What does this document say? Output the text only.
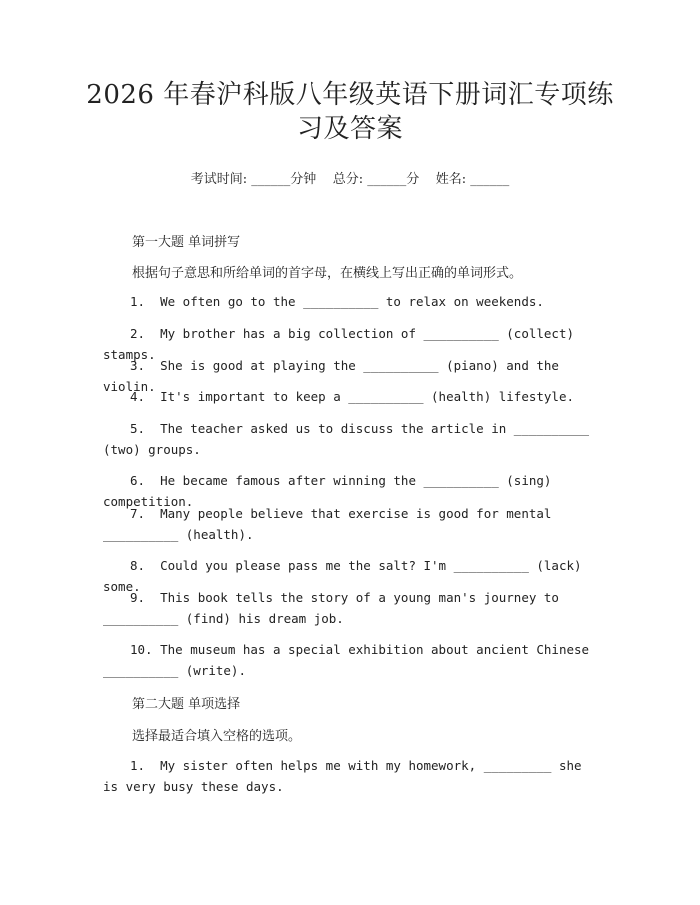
2026 年春沪科版八年级英语下册词汇专项练习及答案
考试时间: ______分钟    总分: ______分    姓名: ______
第一大题 单词拼写
根据句子意思和所给单词的首字母，在横线上写出正确的单词形式。
1.  We often go to the __________ to relax on weekends.
2.  My brother has a big collection of __________ (collect) stamps.
3.  She is good at playing the __________ (piano) and the violin.
4.  It's important to keep a __________ (health) lifestyle.
5.  The teacher asked us to discuss the article in __________ (two) groups.
6.  He became famous after winning the __________ (sing) competition.
7.  Many people believe that exercise is good for mental __________ (health).
8.  Could you please pass me the salt? I'm __________ (lack) some.
9.  This book tells the story of a young man's journey to __________ (find) his dream job.
10. The museum has a special exhibition about ancient Chinese __________ (write).
第二大题 单项选择
选择最适合填入空格的选项。
1.  My sister often helps me with my homework, _________ she is very busy these days.
